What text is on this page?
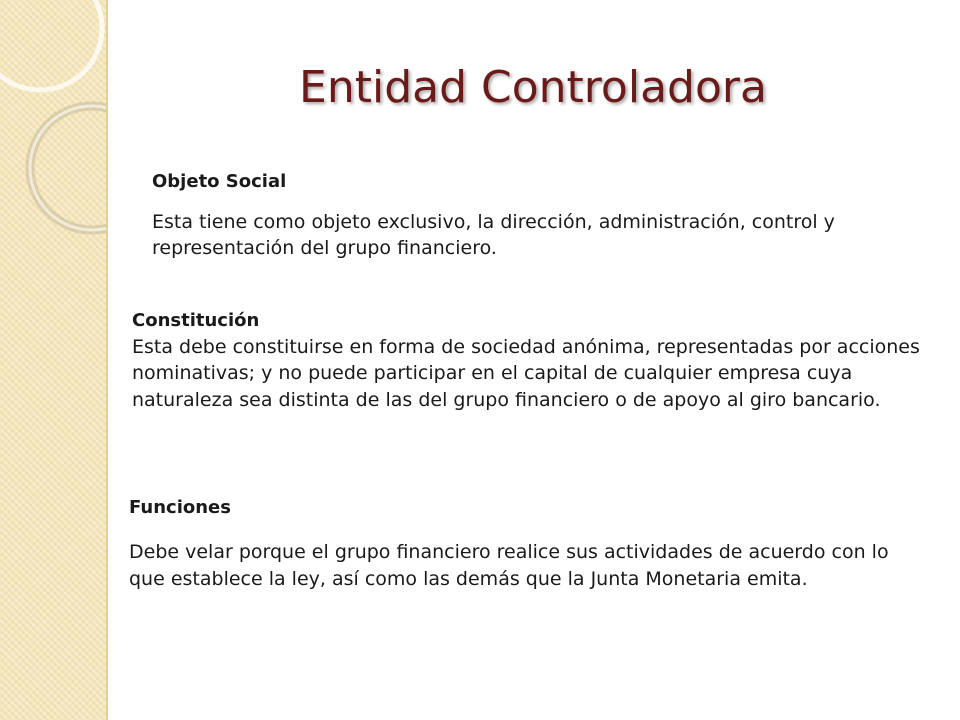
Entidad Controladora

Objeto Social

Esta tiene como objeto exclusivo, la dirección, administración, control y representación del grupo financiero.

Constitución

Esta debe constituirse en forma de sociedad anónima, representadas por acciones nominativas; y no puede participar en el capital de cualquier empresa cuya naturaleza sea distinta de las del grupo financiero o de apoyo al giro bancario.

Funciones

Debe velar porque el grupo financiero realice sus actividades de acuerdo con lo que establece la ley, así como las demás que la Junta Monetaria emita.
